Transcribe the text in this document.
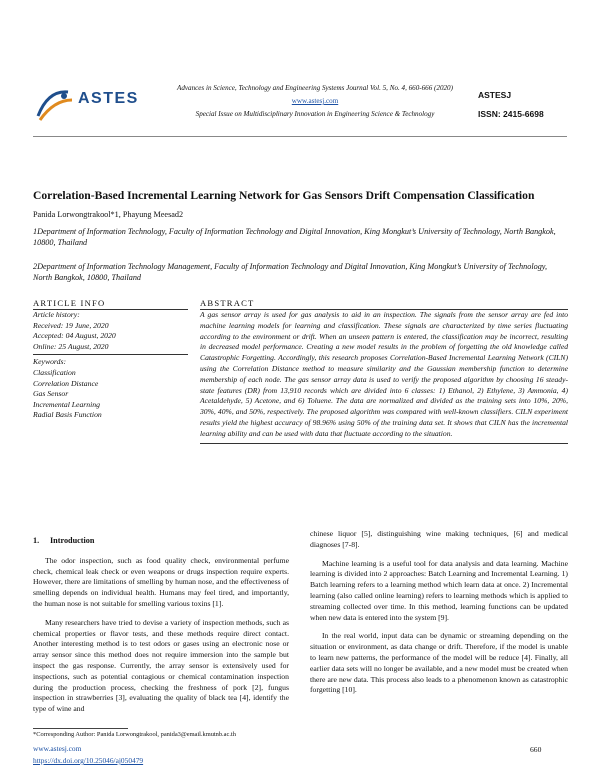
ASTES
Advances in Science, Technology and Engineering Systems Journal Vol. 5, No. 4, 660-666 (2020)
www.astesj.com
Special Issue on Multidisciplinary Innovation in Engineering Science & Technology
ASTESJ
ISSN: 2415-6698
Correlation-Based Incremental Learning Network for Gas Sensors Drift Compensation Classification
Panida Lorwongtrakool*1, Phayung Meesad2
1Department of Information Technology, Faculty of Information Technology and Digital Innovation, King Mongkut’s University of Technology, North Bangkok, 10800, Thailand
2Department of Information Technology Management, Faculty of Information Technology and Digital Innovation, King Mongkut’s University of Technology, North Bangkok, 10800, Thailand
ARTICLE INFO
Article history:
Received: 19 June, 2020
Accepted: 04 August, 2020
Online: 25 August, 2020
Keywords:
Classification
Correlation Distance
Gas Sensor
Incremental Learning
Radial Basis Function
ABSTRACT
A gas sensor array is used for gas analysis to aid in an inspection. The signals from the sensor array are fed into machine learning models for learning and classification. These signals are characterized by time series fluctuating according to the environment or drift. When an unseen pattern is entered, the classification may be incorrect, resulting in decreased model performance. Creating a new model results in the problem of forgetting the old knowledge called Catastrophic Forgetting. Accordingly, this research proposes Correlation-Based Incremental Learning Network (CILN) using the Correlation Distance method to measure similarity and the Gaussian membership function to determine membership of each node. The gas sensor array data is used to verify the proposed algorithm by choosing 16 steady-state features (DR) from 13,910 records which are divided into 6 classes: 1) Ethanol, 2) Ethylene, 3) Ammonia, 4) Acetaldehyde, 5) Acetone, and 6) Toluene. The data are normalized and divided as the training sets into 10%, 20%, 30%, 40%, and 50%, respectively. The proposed algorithm was compared with well-known classifiers. CILN experiment results yield the highest accuracy of 98.96% using 50% of the training data set. It shows that CILN has the incremental learning ability and can be used with data that fluctuate according to the situation.
1. Introduction

The odor inspection, such as food quality check, environmental perfume check, chemical leak check or even weapons or drugs inspection require experts. However, there are limitations of smelling by human nose, and the effectiveness of smelling depends on individual health. Humans may feel tired, and importantly, the human nose is not suitable for smelling various toxins [1].

Many researchers have tried to devise a variety of inspection methods, such as chemical properties or flavor tests, and these methods require direct contact. Another interesting method is to test odors or gases using an electronic nose or array sensor since this method does not require immersion into the sample but inspect the gas response. Currently, the array sensor is extensively used for inspections, such as potential contagious or chemical contamination inspection during the production process, checking the freshness of pork [2], fungus inspection in strawberries [3], evaluating the quality of black tea [4], identify the type of wine and

chinese liquor [5], distinguishing wine making techniques, [6] and medical diagnoses [7-8].

Machine learning is a useful tool for data analysis and data learning. Machine learning is divided into 2 approaches: Batch Learning and Incremental Learning. 1) Batch learning refers to a learning method which learn data at once. 2) Incremental learning (also called online learning) refers to learning methods which is applied to streaming collected over time. In this method, learning functions can be updated when new data is entered into the system [9].

In the real world, input data can be dynamic or streaming depending on the situation or environment, as data change or drift. Therefore, if the model is unable to learn new patterns, the performance of the model will be reduce [4]. Finally, all earlier data sets will no longer be available, and a new model must be created when there are new data. This process also leads to a phenomenon known as catastrophic forgetting [10].

*Corresponding Author: Panida Lorwongtrakool, panida3@email.kmutnb.ac.th
www.astesj.com
https://dx.doi.org/10.25046/aj050479
660
